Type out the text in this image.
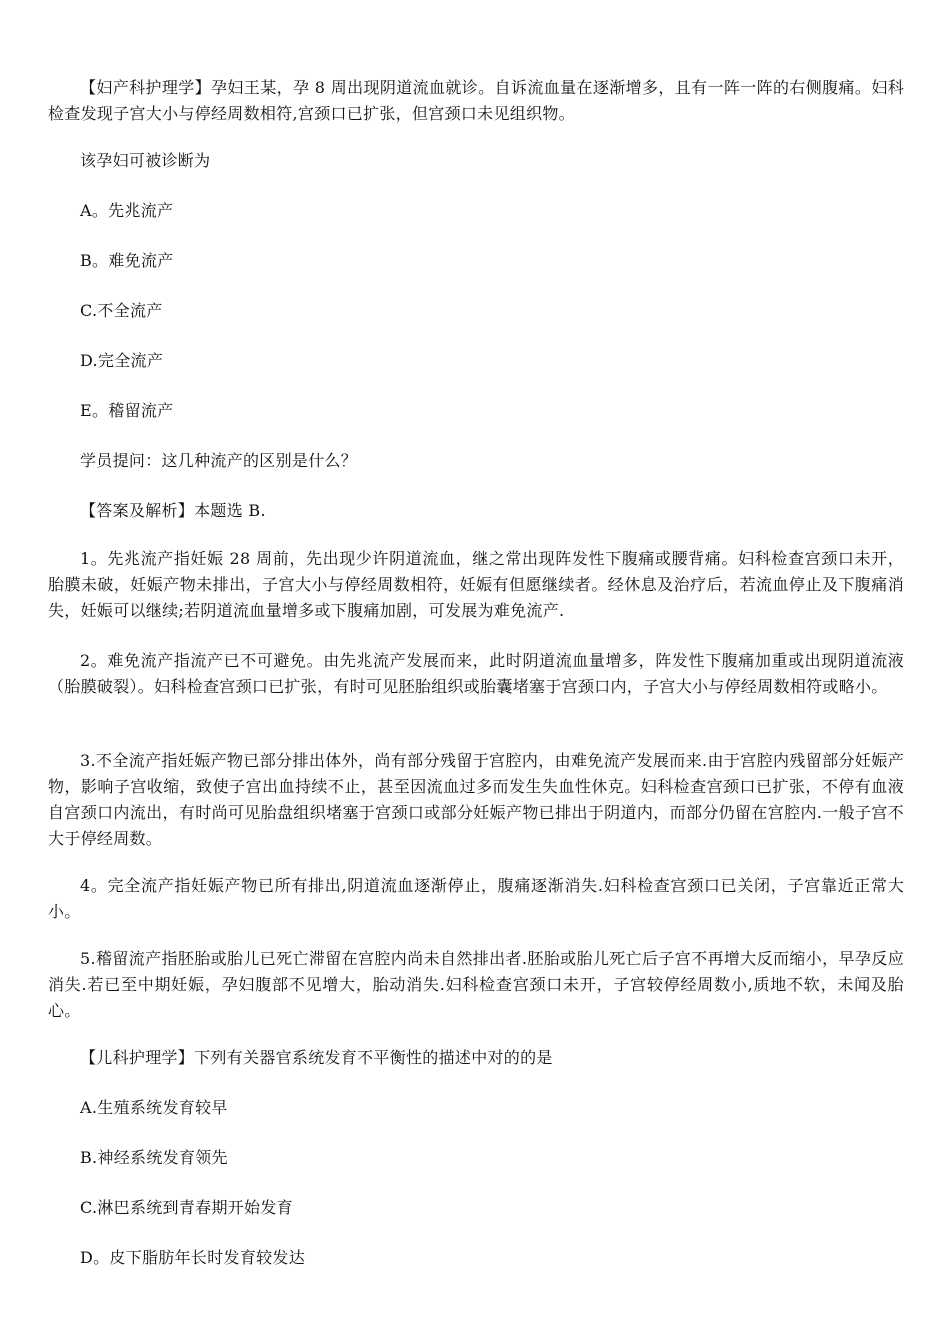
【妇产科护理学】孕妇王某，孕 8 周出现阴道流血就诊。自诉流血量在逐渐增多，且有一阵一阵的右侧腹痛。妇科检查发现子宫大小与停经周数相符,宫颈口已扩张，但宫颈口未见组织物。

该孕妇可被诊断为

A。先兆流产

B。难免流产

C.不全流产

D.完全流产

E。稽留流产

学员提问：这几种流产的区别是什么？

【答案及解析】本题选 B.

1。先兆流产指妊娠 28 周前，先出现少许阴道流血，继之常出现阵发性下腹痛或腰背痛。妇科检查宫颈口未开，胎膜未破，妊娠产物未排出，子宫大小与停经周数相符，妊娠有但愿继续者。经休息及治疗后，若流血停止及下腹痛消失，妊娠可以继续;若阴道流血量增多或下腹痛加剧，可发展为难免流产.

2。难免流产指流产已不可避免。由先兆流产发展而来，此时阴道流血量增多，阵发性下腹痛加重或出现阴道流液（胎膜破裂）。妇科检查宫颈口已扩张，有时可见胚胎组织或胎囊堵塞于宫颈口内，子宫大小与停经周数相符或略小。

3.不全流产指妊娠产物已部分排出体外，尚有部分残留于宫腔内，由难免流产发展而来.由于宫腔内残留部分妊娠产物，影响子宫收缩，致使子宫出血持续不止，甚至因流血过多而发生失血性休克。妇科检查宫颈口已扩张，不停有血液自宫颈口内流出，有时尚可见胎盘组织堵塞于宫颈口或部分妊娠产物已排出于阴道内，而部分仍留在宫腔内.一般子宫不大于停经周数。

4。完全流产指妊娠产物已所有排出,阴道流血逐渐停止，腹痛逐渐消失.妇科检查宫颈口已关闭，子宫靠近正常大小。

5.稽留流产指胚胎或胎儿已死亡滞留在宫腔内尚未自然排出者.胚胎或胎儿死亡后子宫不再增大反而缩小，早孕反应消失.若已至中期妊娠，孕妇腹部不见增大，胎动消失.妇科检查宫颈口未开，子宫较停经周数小,质地不软，未闻及胎心。

【儿科护理学】下列有关器官系统发育不平衡性的描述中对的的是

A.生殖系统发育较早

B.神经系统发育领先

C.淋巴系统到青春期开始发育

D。皮下脂肪年长时发育较发达
